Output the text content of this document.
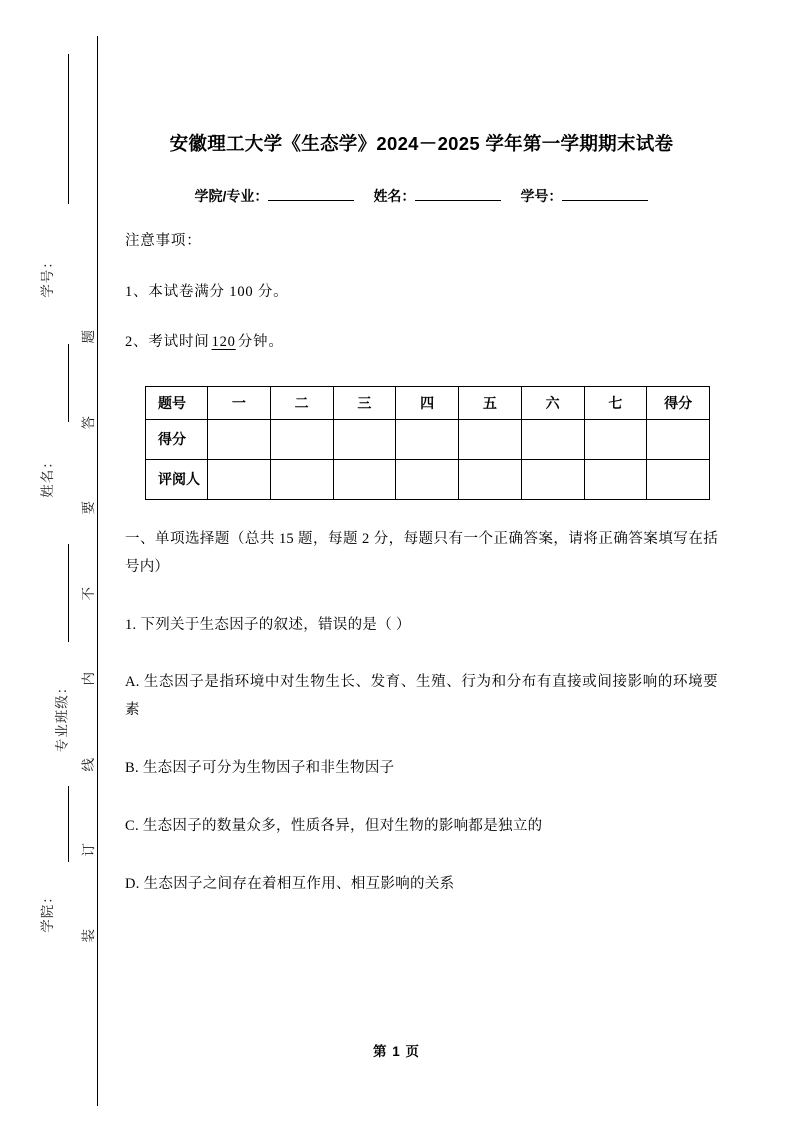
学号：
姓名：
专业班级：
学院：
题
答
要
不
内
线
订
装
安徽理工大学《生态学》2024－2025 学年第一学期期末试卷
学院/专业：	姓名：	学号：

注意事项：

1、本试卷满分 100 分。

2、考试时间 120 分钟。

题号	一	二	三	四	五	六	七	得分
得分								
评阅人								

一、单项选择题（总共 15 题，每题 2 分，每题只有一个正确答案，请将正确答案填写在括号内）

1. 下列关于生态因子的叙述，错误的是（ ）

A. 生态因子是指环境中对生物生长、发育、生殖、行为和分布有直接或间接影响的环境要素

B. 生态因子可分为生物因子和非生物因子

C. 生态因子的数量众多，性质各异，但对生物的影响都是独立的

D. 生态因子之间存在着相互作用、相互影响的关系

第 1 页
